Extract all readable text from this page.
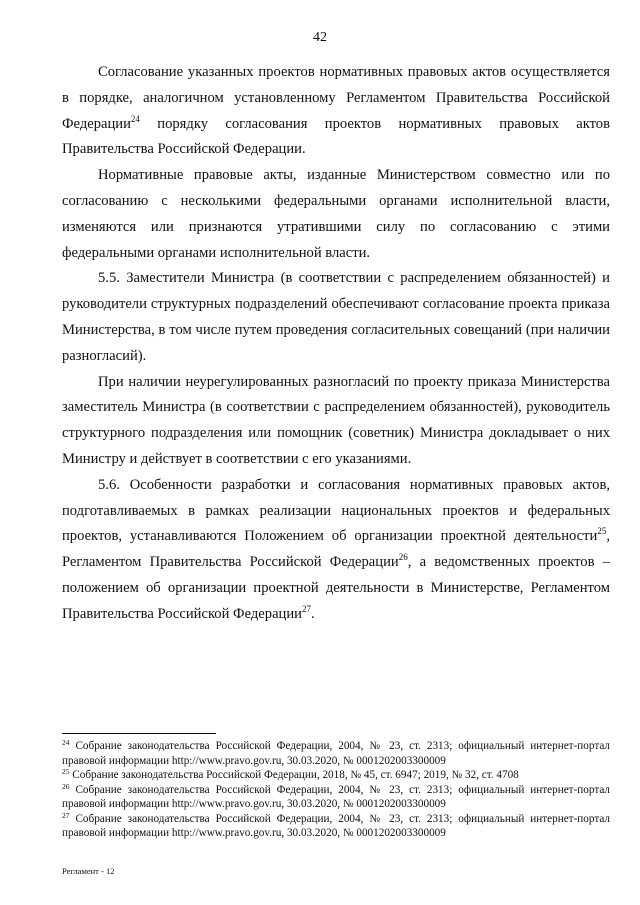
42

Согласование указанных проектов нормативных правовых актов осуществляется в порядке, аналогичном установленному Регламентом Правительства Российской Федерации$^{24}$ порядку согласования проектов нормативных правовых актов Правительства Российской Федерации.

Нормативные правовые акты, изданные Министерством совместно или по согласованию с несколькими федеральными органами исполнительной власти, изменяются или признаются утратившими силу по согласованию с этими федеральными органами исполнительной власти.

5.5. Заместители Министра (в соответствии с распределением обязанностей) и руководители структурных подразделений обеспечивают согласование проекта приказа Министерства, в том числе путем проведения согласительных совещаний (при наличии разногласий).

При наличии неурегулированных разногласий по проекту приказа Министерства заместитель Министра (в соответствии с распределением обязанностей), руководитель структурного подразделения или помощник (советник) Министра докладывает о них Министру и действует в соответствии с его указаниями.

5.6. Особенности разработки и согласования нормативных правовых актов, подготавливаемых в рамках реализации национальных проектов и федеральных проектов, устанавливаются Положением об организации проектной деятельности$^{25}$, Регламентом Правительства Российской Федерации$^{26}$, а ведомственных проектов – положением об организации проектной деятельности в Министерстве, Регламентом Правительства Российской Федерации$^{27}$.

$^{24}$ Собрание законодательства Российской Федерации, 2004, № 23, ст. 2313; официальный интернет-портал правовой информации http://www.pravo.gov.ru, 30.03.2020, № 0001202003300009

$^{25}$ Собрание законодательства Российской Федерации, 2018, № 45, ст. 6947; 2019, № 32, ст. 4708

$^{26}$ Собрание законодательства Российской Федерации, 2004, № 23, ст. 2313; официальный интернет-портал правовой информации http://www.pravo.gov.ru, 30.03.2020, № 0001202003300009

$^{27}$ Собрание законодательства Российской Федерации, 2004, № 23, ст. 2313; официальный интернет-портал правовой информации http://www.pravo.gov.ru, 30.03.2020, № 0001202003300009

Регламент - 12
